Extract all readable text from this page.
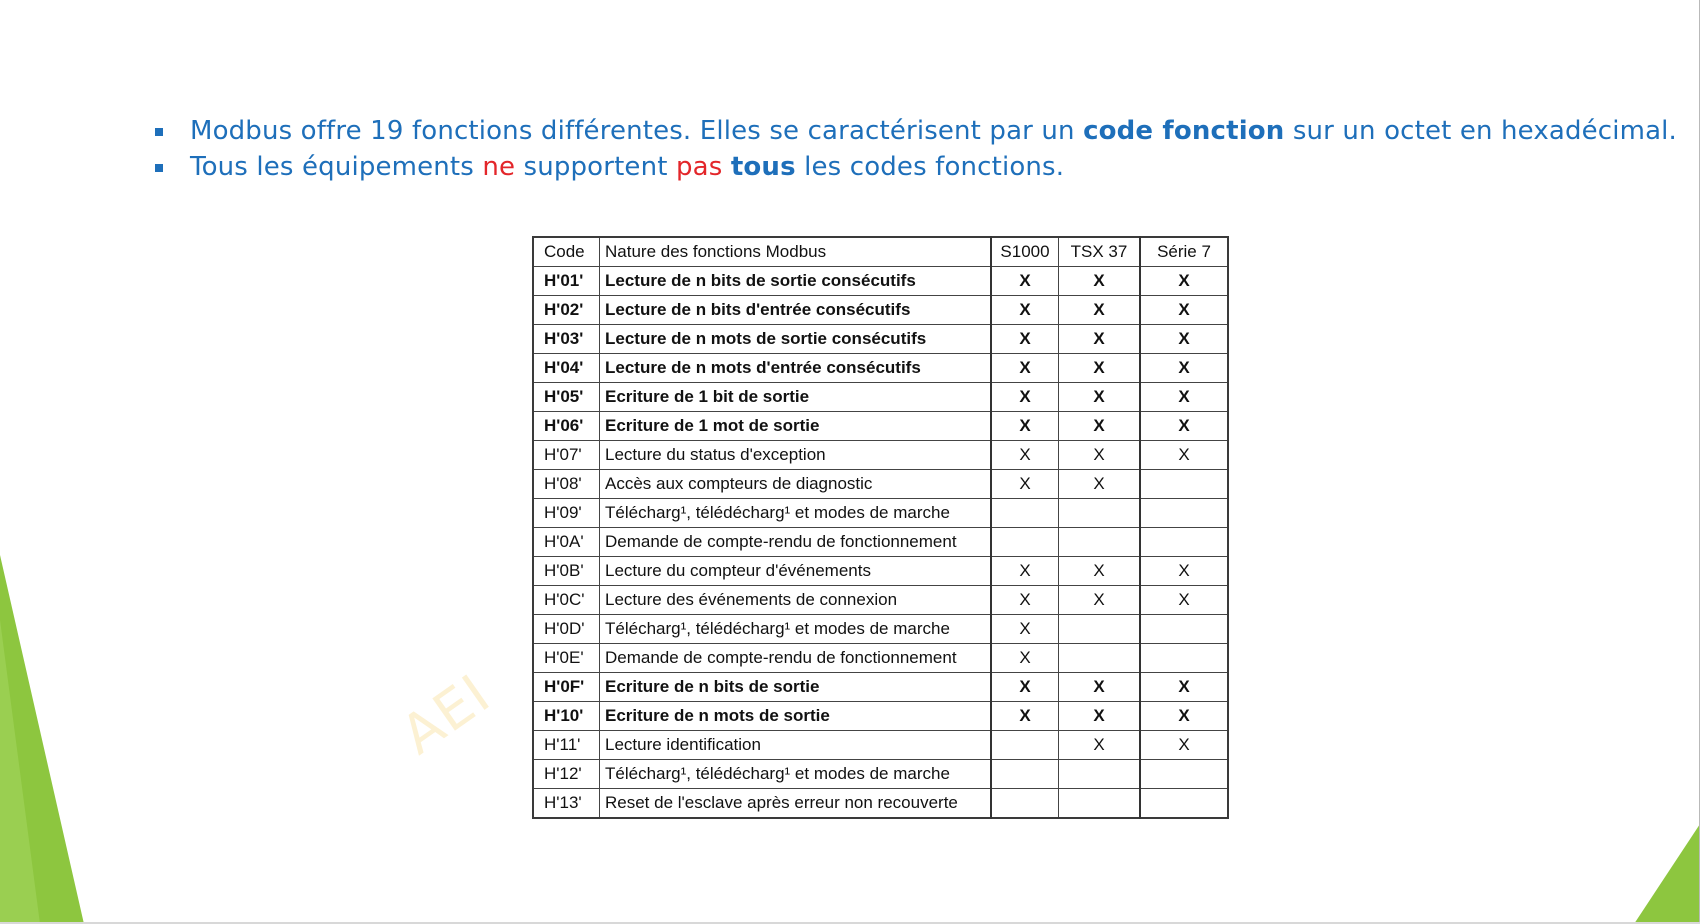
Modbus offre 19 fonctions différentes. Elles se caractérisent par un code fonction sur un octet en hexadécimal.
Tous les équipements ne supportent pas tous les codes fonctions.
Code	Nature des fonctions Modbus	S1000	TSX 37	Série 7
H'01'	Lecture de n bits de sortie consécutifs	X	X	X
H'02'	Lecture de n bits d'entrée consécutifs	X	X	X
H'03'	Lecture de n mots de sortie consécutifs	X	X	X
H'04'	Lecture de n mots d'entrée consécutifs	X	X	X
H'05'	Ecriture de 1 bit de sortie	X	X	X
H'06'	Ecriture de 1 mot de sortie	X	X	X
H'07'	Lecture du status d'exception	X	X	X
H'08'	Accès aux compteurs de diagnostic	X	X	
H'09'	Télécharg¹, télédécharg¹ et modes de marche			
H'0A'	Demande de compte-rendu de fonctionnement			
H'0B'	Lecture du compteur d'événements	X	X	X
H'0C'	Lecture des événements de connexion	X	X	X
H'0D'	Télécharg¹, télédécharg¹ et modes de marche	X		
H'0E'	Demande de compte-rendu de fonctionnement	X		
H'0F'	Ecriture de n bits de sortie	X	X	X
H'10'	Ecriture de n mots de sortie	X	X	X
H'11'	Lecture identification		X	X
H'12'	Télécharg¹, télédécharg¹ et modes de marche			
H'13'	Reset de l'esclave après erreur non recouverte			
AEI
